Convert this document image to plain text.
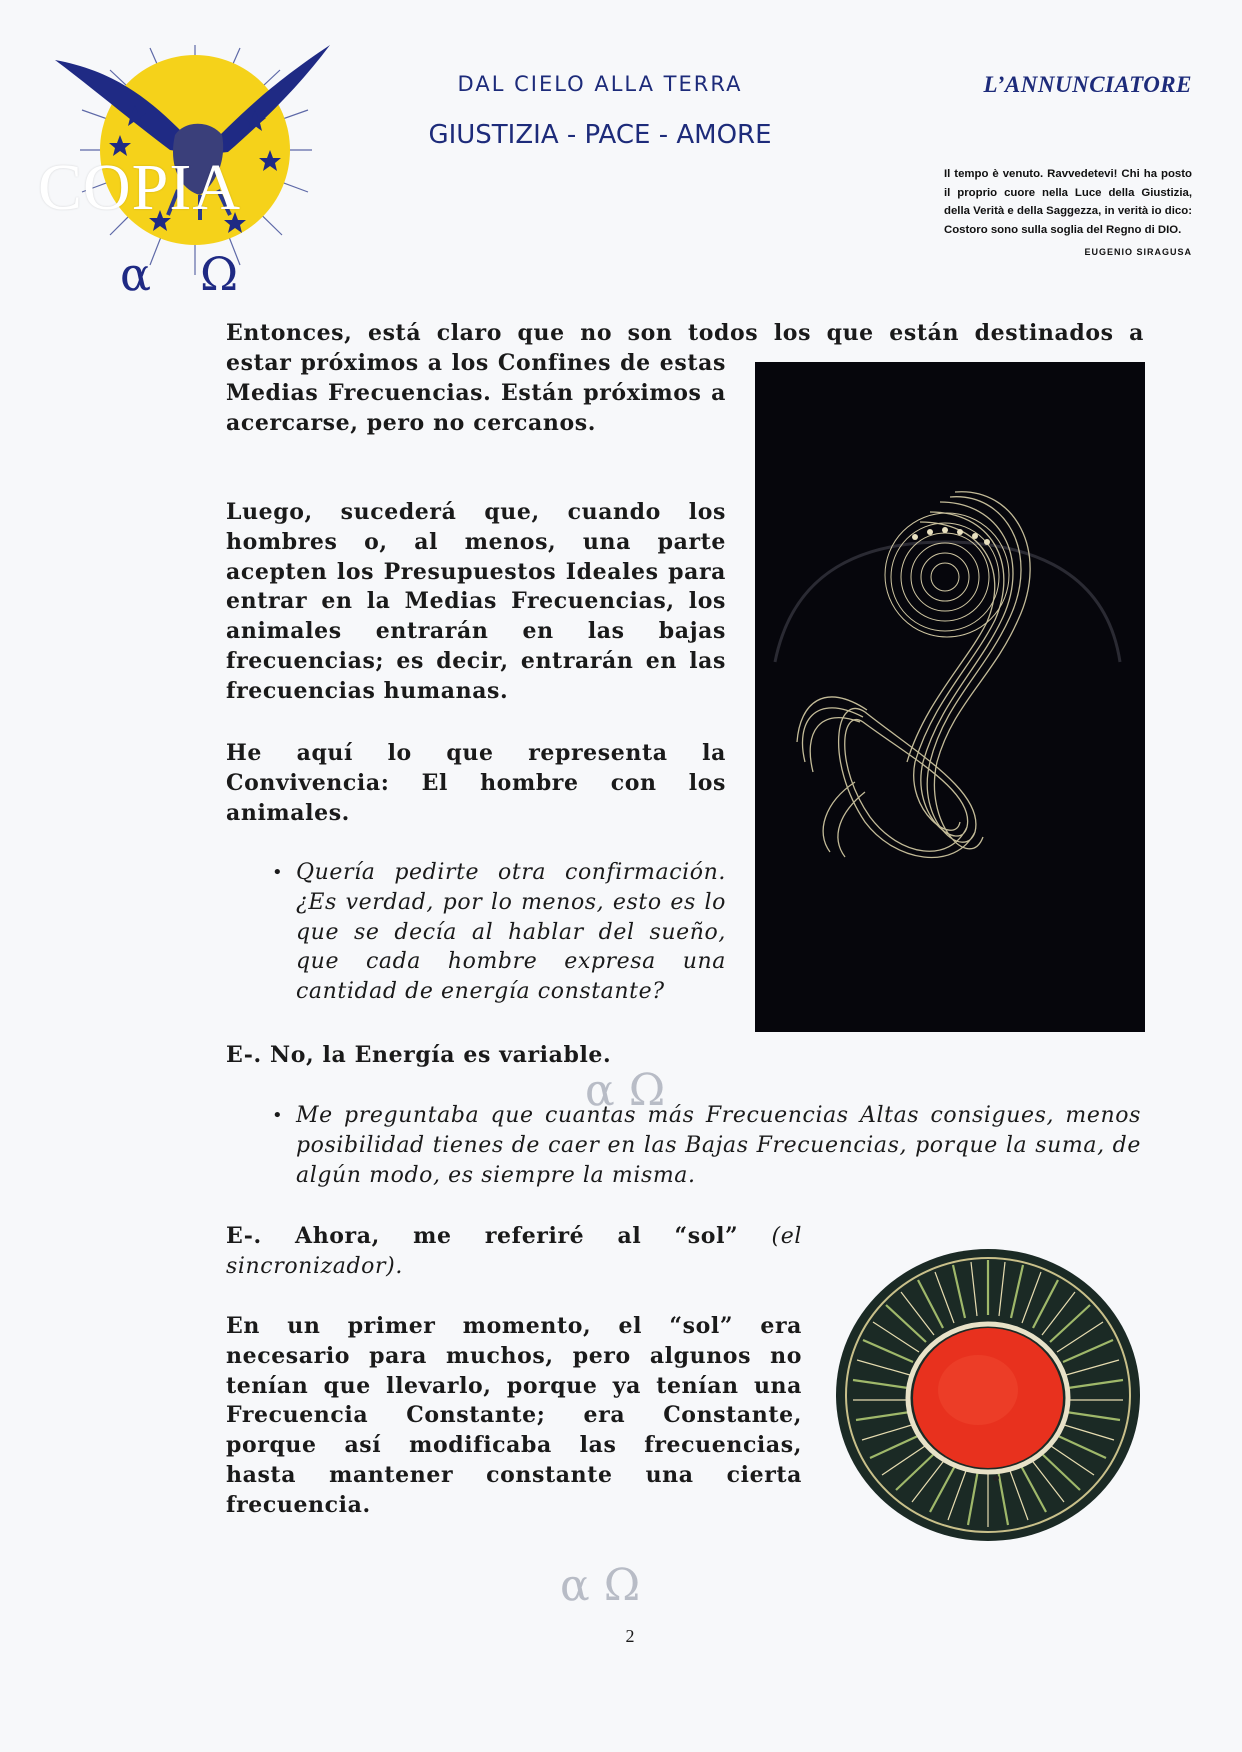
α Ω
COPIA
DAL CIELO ALLA TERRA
GIUSTIZIA - PACE - AMORE
L’ANNUNCIATORE
Il tempo è venuto. Ravvedetevi! Chi ha posto il proprio cuore nella Luce della Giustizia, della Verità e della Saggezza, in verità io dico: Costoro sono sulla soglia del Regno di DIO.
EUGENIO SIRAGUSA
α Ω
α Ω
Entonces, está claro que no son todos los que están destinados a
estar próximos a los Confines de estas Medias Frecuencias. Están próximos a acercarse, pero no cercanos.
Luego, sucederá que, cuando los hombres o, al menos, una parte acepten los Presupuestos Ideales para entrar en la Medias Frecuencias, los animales entrarán en las bajas frecuencias; es decir, entrarán en las frecuencias humanas.
He aquí lo que representa la Convivencia: El hombre con los animales.
• Quería pedirte otra confirmación. ¿Es verdad, por lo menos, esto es lo que se decía al hablar del sueño, que cada hombre expresa una cantidad de energía constante?
E-. No, la Energía es variable.
• Me preguntaba que cuantas más Frecuencias Altas consigues, menos posibilidad tienes de caer en las Bajas Frecuencias, porque la suma, de algún modo, es siempre la misma.
E-. Ahora, me referiré al “sol” (el sincronizador).
En un primer momento, el “sol” era necesario para muchos, pero algunos no tenían que llevarlo, porque ya tenían una Frecuencia Constante; era Constante, porque así modificaba las frecuencias, hasta mantener constante una cierta frecuencia.
2
